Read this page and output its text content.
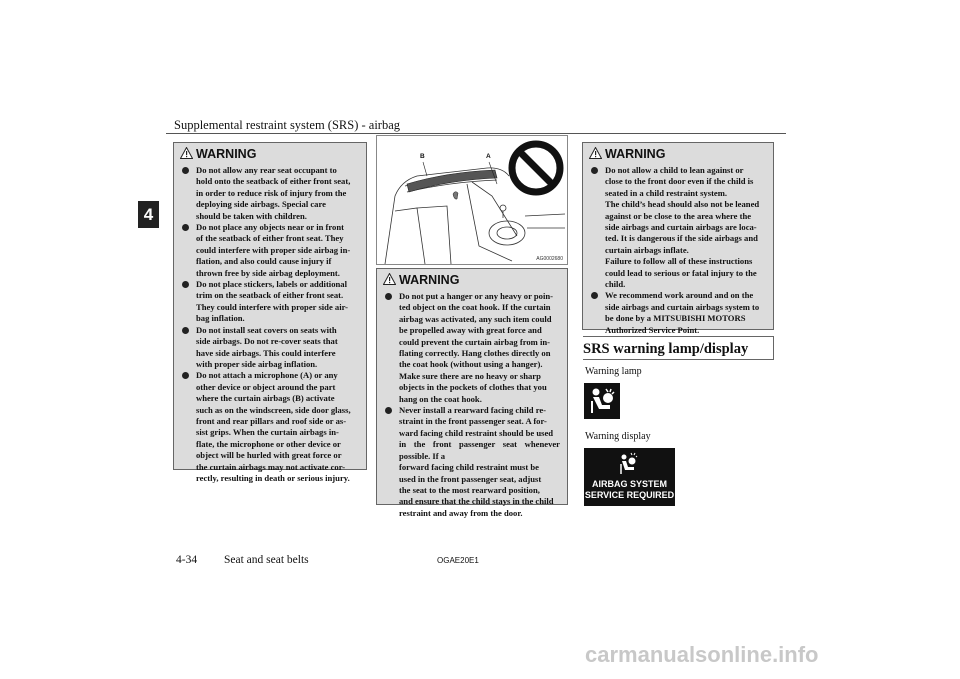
Supplemental restraint system (SRS) - airbag
4
WARNING
Do not allow any rear seat occupant to
hold onto the seatback of either front seat,
in order to reduce risk of injury from the
deploying side airbags. Special care
should be taken with children.
Do not place any objects near or in front
of the seatback of either front seat. They
could interfere with proper side airbag in-
flation, and also could cause injury if
thrown free by side airbag deployment.
Do not place stickers, labels or additional
trim on the seatback of either front seat.
They could interfere with proper side air-
bag inflation.
Do not install seat covers on seats with
side airbags. Do not re-cover seats that
have side airbags. This could interfere
with proper side airbag inflation.
Do not attach a microphone (A) or any
other device or object around the part
where the curtain airbags (B) activate
such as on the windscreen, side door glass,
front and rear pillars and roof side or as-
sist grips. When the curtain airbags in-
flate, the microphone or other device or
object will be hurled with great force or
the curtain airbags may not activate cor-
rectly, resulting in death or serious injury.
B	A
AG0002680
WARNING
Do not put a hanger or any heavy or poin-
ted object on the coat hook. If the curtain
airbag was activated, any such item could
be propelled away with great force and
could prevent the curtain airbag from in-
flating correctly. Hang clothes directly on
the coat hook (without using a hanger).
Make sure there are no heavy or sharp
objects in the pockets of clothes that you
hang on the coat hook.
Never install a rearward facing child re-
straint in the front passenger seat. A for-
ward facing child restraint should be used
in the front passenger seat whenever possible. If a
forward facing child restraint must be
used in the front passenger seat, adjust
the seat to the most rearward position,
and ensure that the child stays in the child
restraint and away from the door.
WARNING
Do not allow a child to lean against or
close to the front door even if the child is
seated in a child restraint system.
The child’s head should also not be leaned
against or be close to the area where the
side airbags and curtain airbags are loca-
ted. It is dangerous if the side airbags and
curtain airbags inflate.
Failure to follow all of these instructions
could lead to serious or fatal injury to the
child.
We recommend work around and on the
side airbags and curtain airbags system to
be done by a MITSUBISHI MOTORS
Authorized Service Point.
SRS warning lamp/display
Warning lamp
Warning display
AIRBAG SYSTEM
SERVICE REQUIRED
4-34 Seat and seat belts	OGAE20E1
carmanualsonline.info
